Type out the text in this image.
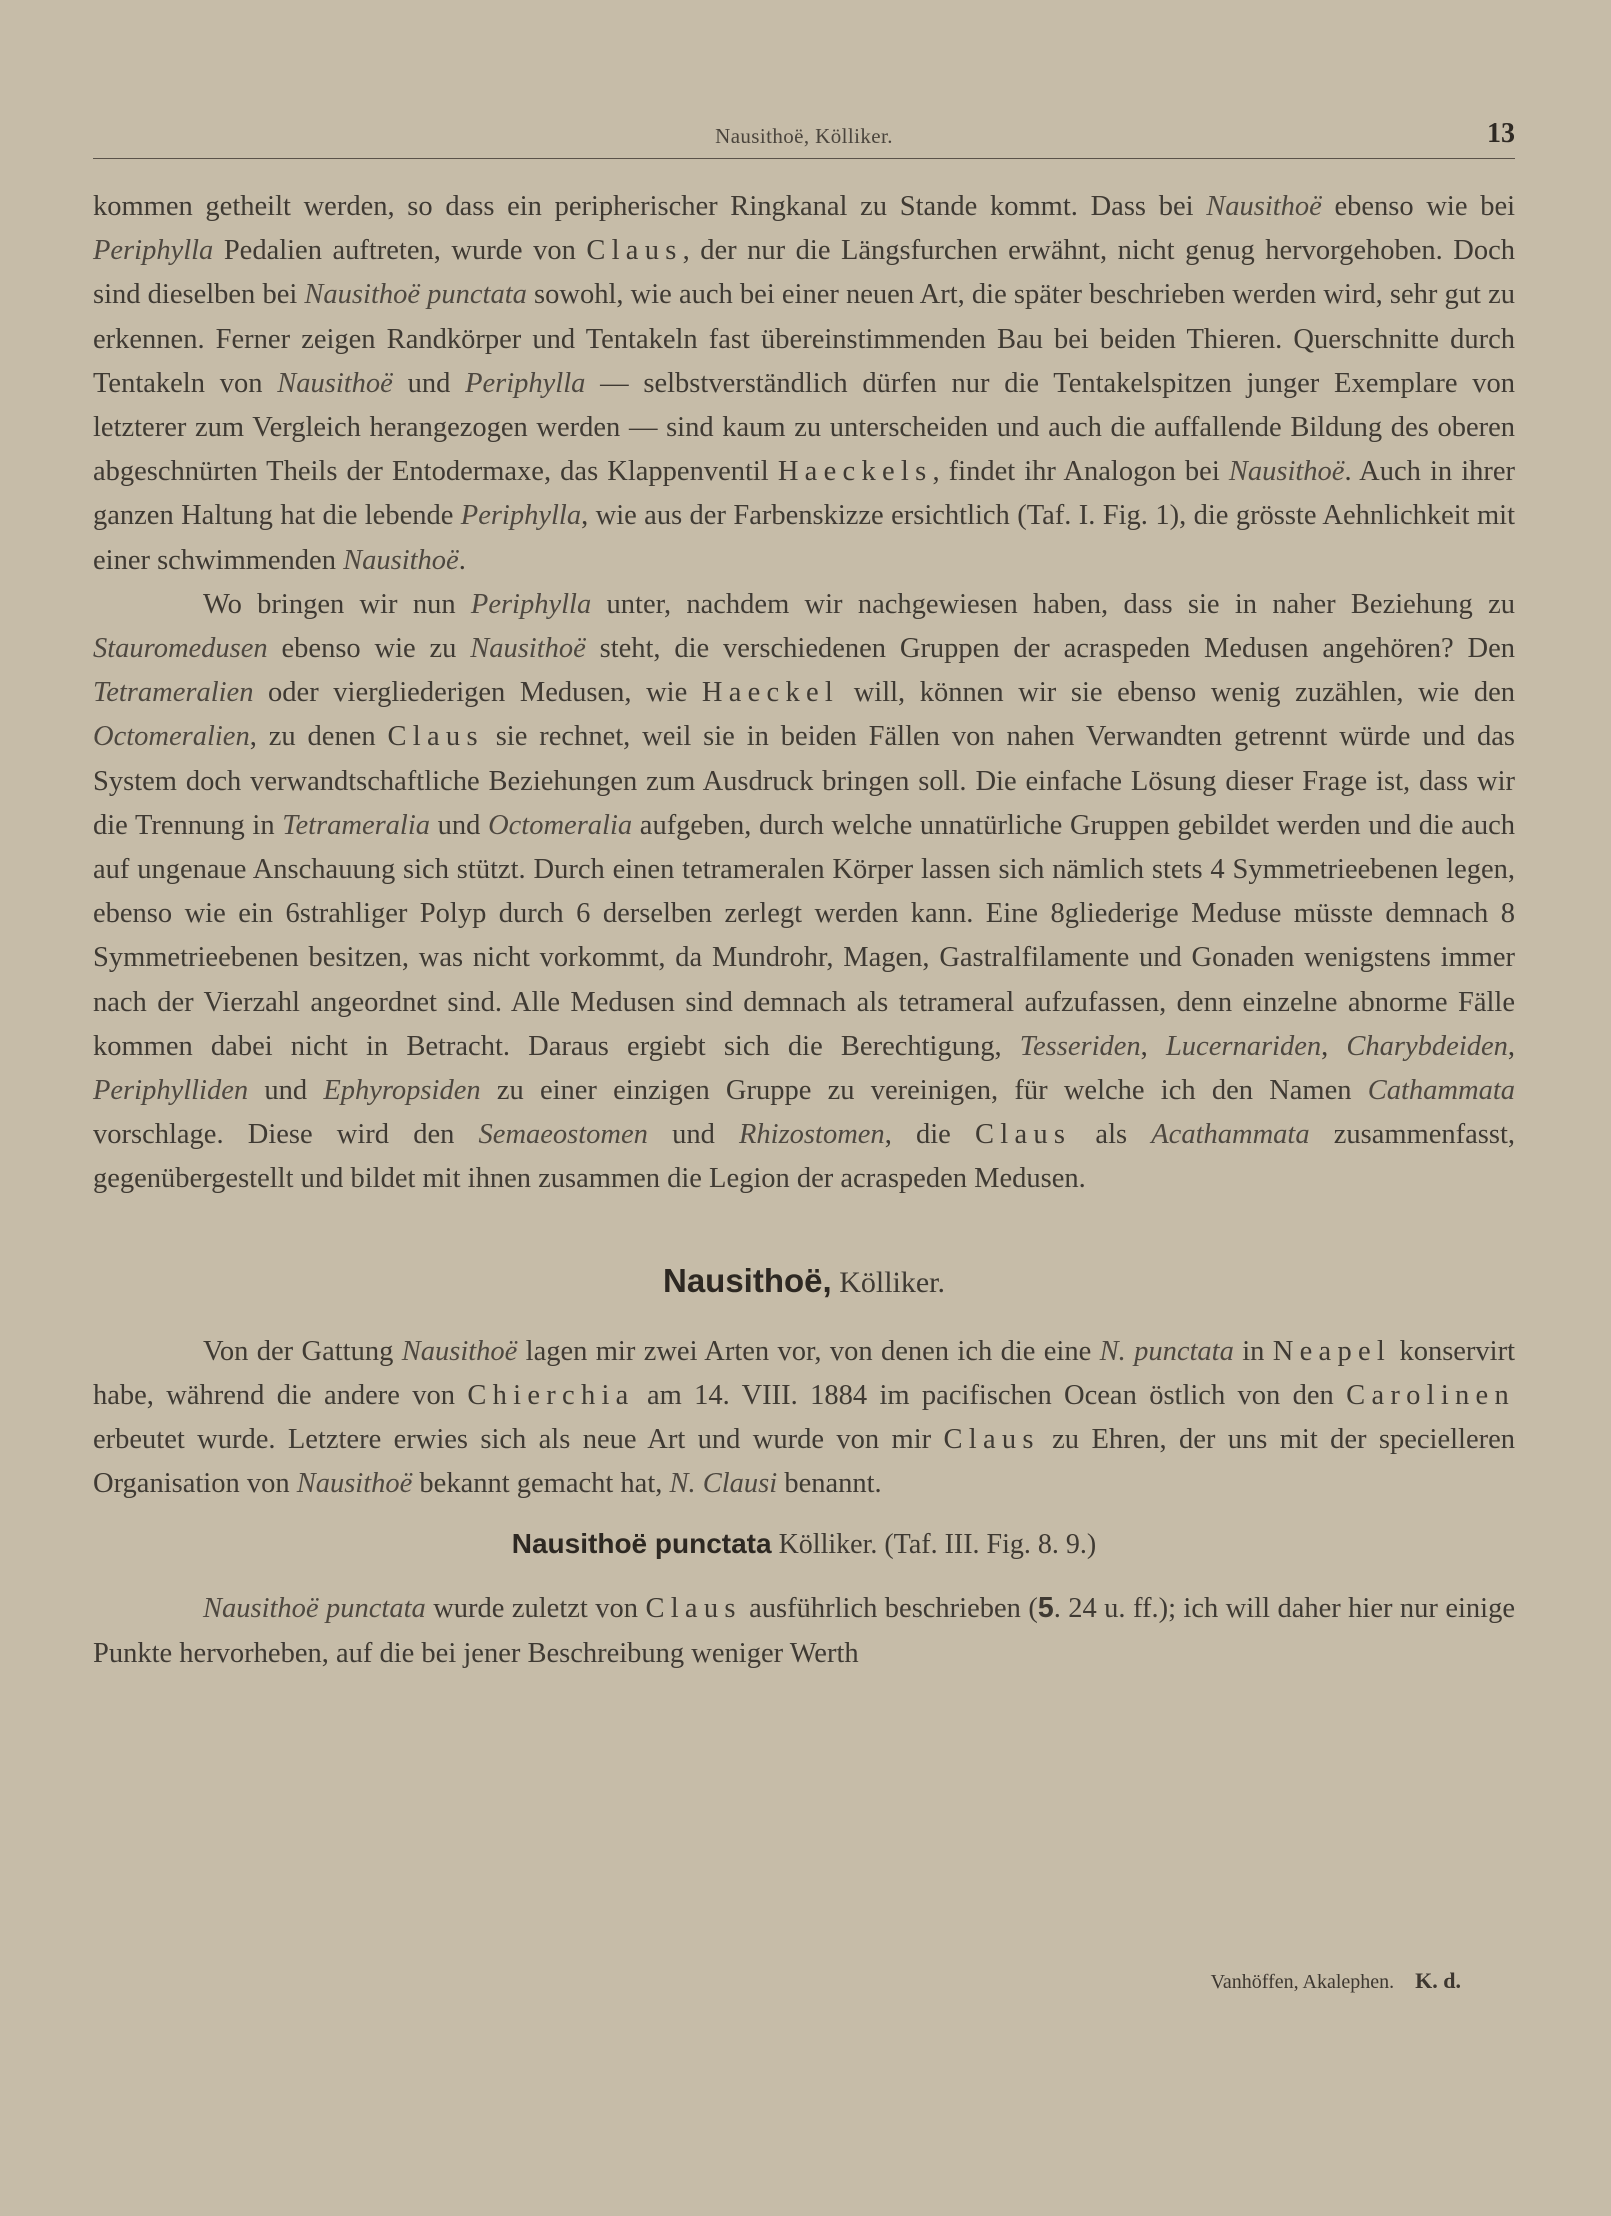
Nausithoë, Kölliker.	13

kommen getheilt werden, so dass ein peripherischer Ringkanal zu Stande kommt. Dass bei Nausithoë ebenso wie bei Periphylla Pedalien auftreten, wurde von Claus, der nur die Längsfurchen erwähnt, nicht genug hervorgehoben. Doch sind dieselben bei Nausithoë punctata sowohl, wie auch bei einer neuen Art, die später beschrieben werden wird, sehr gut zu erkennen. Ferner zeigen Randkörper und Tentakeln fast übereinstimmenden Bau bei beiden Thieren. Querschnitte durch Tentakeln von Nausithoë und Periphylla — selbstverständlich dürfen nur die Tentakelspitzen junger Exemplare von letzterer zum Vergleich herangezogen werden — sind kaum zu unterscheiden und auch die auffallende Bildung des oberen abgeschnürten Theils der Entodermaxe, das Klappenventil Haeckels, findet ihr Analogon bei Nausithoë. Auch in ihrer ganzen Haltung hat die lebende Periphylla, wie aus der Farbenskizze ersichtlich (Taf. I. Fig. 1), die grösste Aehnlichkeit mit einer schwimmenden Nausithoë.

Wo bringen wir nun Periphylla unter, nachdem wir nachgewiesen haben, dass sie in naher Beziehung zu Stauromedusen ebenso wie zu Nausithoë steht, die verschiedenen Gruppen der acraspeden Medusen angehören? Den Tetrameralien oder viergliederigen Medusen, wie Haeckel will, können wir sie ebenso wenig zuzählen, wie den Octomeralien, zu denen Claus sie rechnet, weil sie in beiden Fällen von nahen Verwandten getrennt würde und das System doch verwandtschaftliche Beziehungen zum Ausdruck bringen soll. Die einfache Lösung dieser Frage ist, dass wir die Trennung in Tetrameralia und Octomeralia aufgeben, durch welche unnatürliche Gruppen gebildet werden und die auch auf ungenaue Anschauung sich stützt. Durch einen tetrameralen Körper lassen sich nämlich stets 4 Symmetrieebenen legen, ebenso wie ein 6strahliger Polyp durch 6 derselben zerlegt werden kann. Eine 8gliederige Meduse müsste demnach 8 Symmetrieebenen besitzen, was nicht vorkommt, da Mundrohr, Magen, Gastralfilamente und Gonaden wenigstens immer nach der Vierzahl angeordnet sind. Alle Medusen sind demnach als tetrameral aufzufassen, denn einzelne abnorme Fälle kommen dabei nicht in Betracht. Daraus ergiebt sich die Berechtigung, Tesseriden, Lucernariden, Charybdeiden, Periphylliden und Ephyropsiden zu einer einzigen Gruppe zu vereinigen, für welche ich den Namen Cathammata vorschlage. Diese wird den Semaeostomen und Rhizostomen, die Claus als Acathammata zusammenfasst, gegenübergestellt und bildet mit ihnen zusammen die Legion der acraspeden Medusen.

Nausithoë, Kölliker.

Von der Gattung Nausithoë lagen mir zwei Arten vor, von denen ich die eine N. punctata in Neapel konservirt habe, während die andere von Chierchia am 14. VIII. 1884 im pacifischen Ocean östlich von den Carolinen erbeutet wurde. Letztere erwies sich als neue Art und wurde von mir Claus zu Ehren, der uns mit der specielleren Organisation von Nausithoë bekannt gemacht hat, N. Clausi benannt.

Nausithoë punctata Kölliker. (Taf. III. Fig. 8. 9.)

Nausithoë punctata wurde zuletzt von Claus ausführlich beschrieben (5. 24 u. ff.); ich will daher hier nur einige Punkte hervorheben, auf die bei jener Beschreibung weniger Werth

Vanhöffen, Akalephen. K. d.
